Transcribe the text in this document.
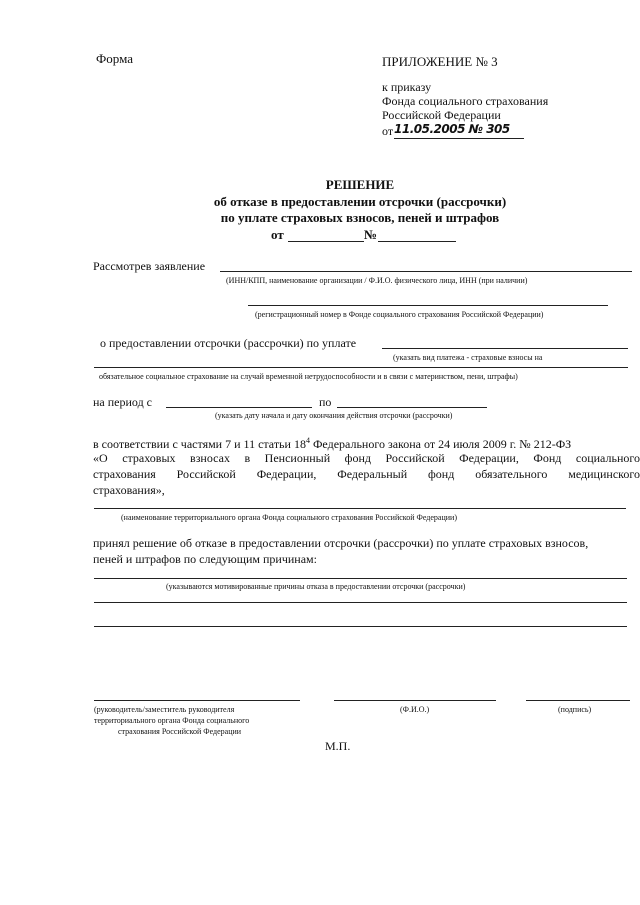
Форма	ПРИЛОЖЕНИЕ № 3
к приказу
Фонда социального страхования
Российской Федерации
от 11.05.2005 № 305
РЕШЕНИЕ
об отказе в предоставлении отсрочки (рассрочки)
по уплате страховых взносов, пеней и штрафов
от	№
Рассмотрев заявление
(ИНН/КПП, наименование организации / Ф.И.О. физического лица, ИНН (при наличии)
(регистрационный номер в Фонде социального страхования Российской Федерации)
о предоставлении отсрочки (рассрочки) по уплате
(указать вид платежа - страховые взносы на
обязательное социальное страхование на случай временной нетрудоспособности и в связи с материнством, пени, штрафы)
на период с	по
(указать дату начала и дату окончания действия отсрочки (рассрочки)
в соответствии с частями 7 и 11 статьи $18^4$ Федерального закона от 24 июля 2009 г. № 212-ФЗ
«О страховых взносах в Пенсионный фонд Российской Федерации, Фонд социального
страхования Российской Федерации, Федеральный фонд обязательного медицинского
страхования»,
(наименование территориального органа Фонда социального страхования Российской Федерации)
принял решение об отказе в предоставлении отсрочки (рассрочки) по уплате страховых взносов,
пеней и штрафов по следующим причинам:
(указываются мотивированные причины отказа в предоставлении отсрочки (рассрочки)
(руководитель/заместитель руководителя
территориального органа Фонда социального
страхования Российской Федерации
(Ф.И.О.)	(подпись)
М.П.
